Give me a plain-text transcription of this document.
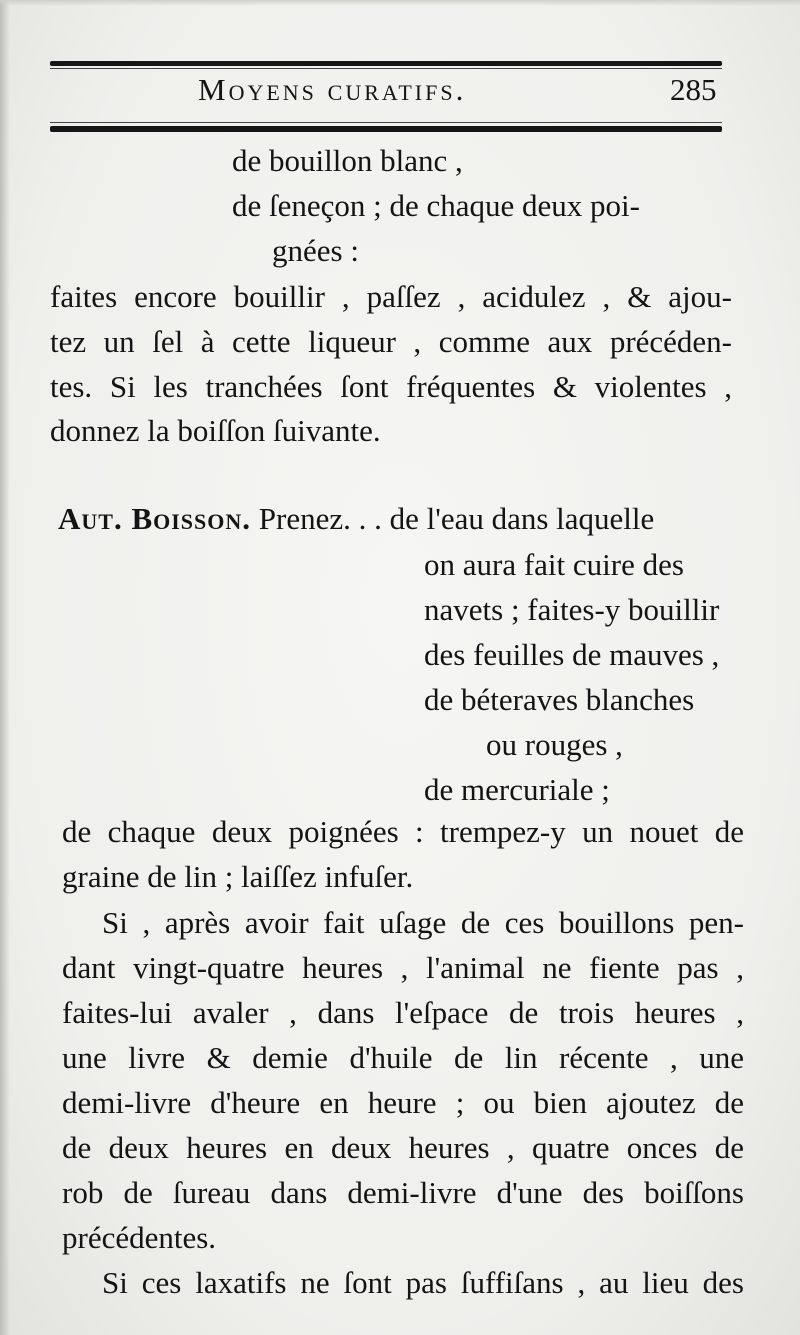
Moyens curatifs.	285
de bouillon blanc ,
de ſeneçon ; de chaque deux poi-
gnées :
faites encore bouillir , paſſez , acidulez , & ajou-
tez un ſel à cette liqueur , comme aux précéden-
tes. Si les tranchées ſont fréquentes & violentes ,
donnez la boiſſon ſuivante.
Aut. Boisson. Prenez. . . de l'eau dans laquelle
on aura fait cuire des
navets ; faites-y bouillir
des feuilles de mauves ,
de béteraves blanches
ou rouges ,
de mercuriale ;
de chaque deux poignées : trempez-y un nouet de
graine de lin ; laiſſez infuſer.
Si , après avoir fait uſage de ces bouillons pen-
dant vingt-quatre heures , l'animal ne fiente pas ,
faites-lui avaler , dans l'eſpace de trois heures ,
une livre & demie d'huile de lin récente , une
demi-livre d'heure en heure ; ou bien ajoutez de
de deux heures en deux heures , quatre onces de
rob de ſureau dans demi-livre d'une des boiſſons
précédentes.
Si ces laxatifs ne ſont pas ſuffiſans , au lieu des
